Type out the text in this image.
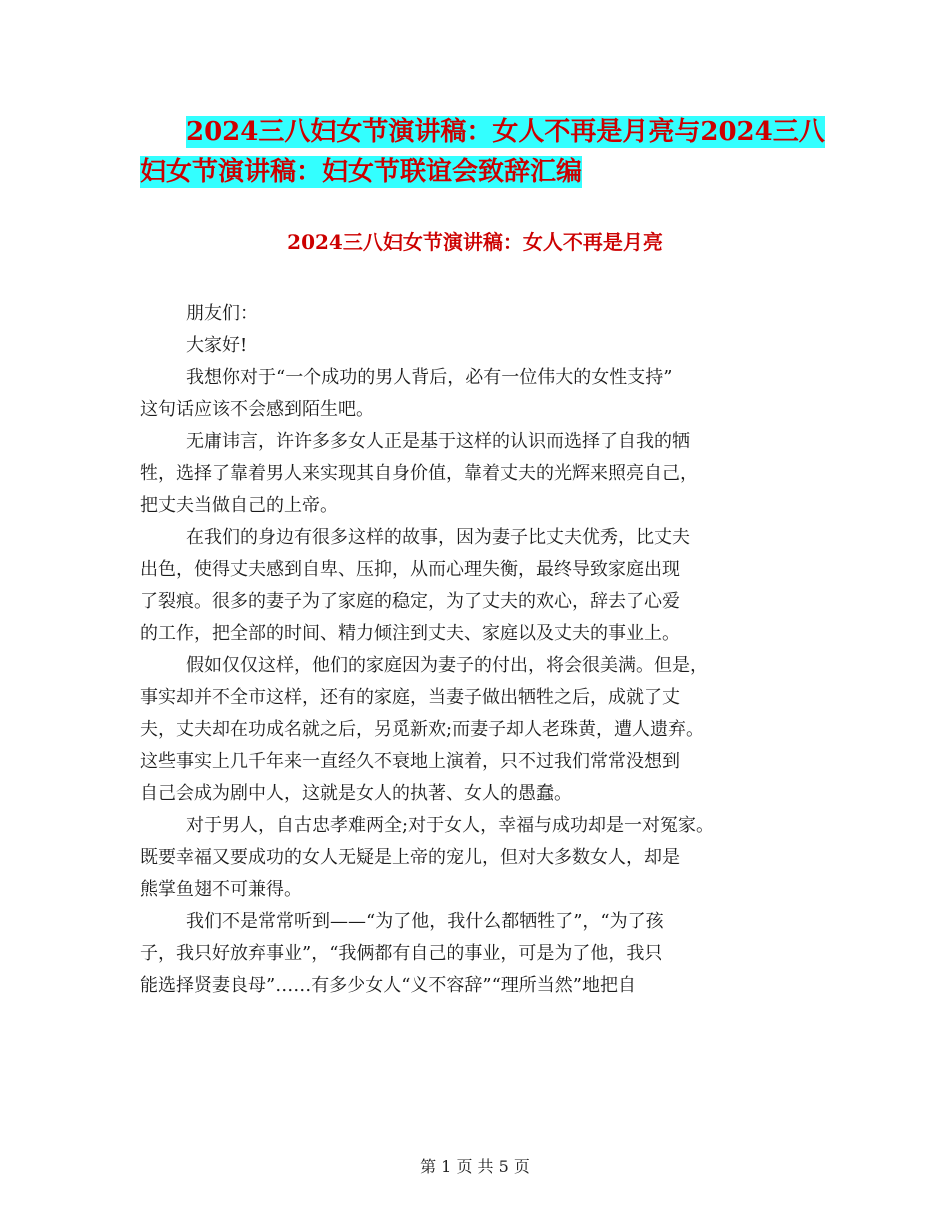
2024三八妇女节演讲稿：女人不再是月亮与2024三八
妇女节演讲稿：妇女节联谊会致辞汇编
2024三八妇女节演讲稿：女人不再是月亮
朋友们：
大家好!
我想你对于“一个成功的男人背后，必有一位伟大的女性支持”
这句话应该不会感到陌生吧。
无庸讳言，许许多多女人正是基于这样的认识而选择了自我的牺
牲，选择了靠着男人来实现其自身价值，靠着丈夫的光辉来照亮自己，
把丈夫当做自己的上帝。
在我们的身边有很多这样的故事，因为妻子比丈夫优秀，比丈夫
出色，使得丈夫感到自卑、压抑，从而心理失衡，最终导致家庭出现
了裂痕。很多的妻子为了家庭的稳定，为了丈夫的欢心，辞去了心爱
的工作，把全部的时间、精力倾注到丈夫、家庭以及丈夫的事业上。
假如仅仅这样，他们的家庭因为妻子的付出，将会很美满。但是，
事实却并不全市这样，还有的家庭，当妻子做出牺牲之后，成就了丈
夫，丈夫却在功成名就之后，另觅新欢;而妻子却人老珠黄，遭人遗弃。
这些事实上几千年来一直经久不衰地上演着，只不过我们常常没想到
自己会成为剧中人，这就是女人的执著、女人的愚蠢。
对于男人，自古忠孝难两全;对于女人，幸福与成功却是一对冤家。
既要幸福又要成功的女人无疑是上帝的宠儿，但对大多数女人，却是
熊掌鱼翅不可兼得。
我们不是常常听到——“为了他，我什么都牺牲了”，“为了孩
子，我只好放弃事业”，“我俩都有自己的事业，可是为了他，我只
能选择贤妻良母”……有多少女人“义不容辞”“理所当然”地把自
第 1 页 共 5 页
